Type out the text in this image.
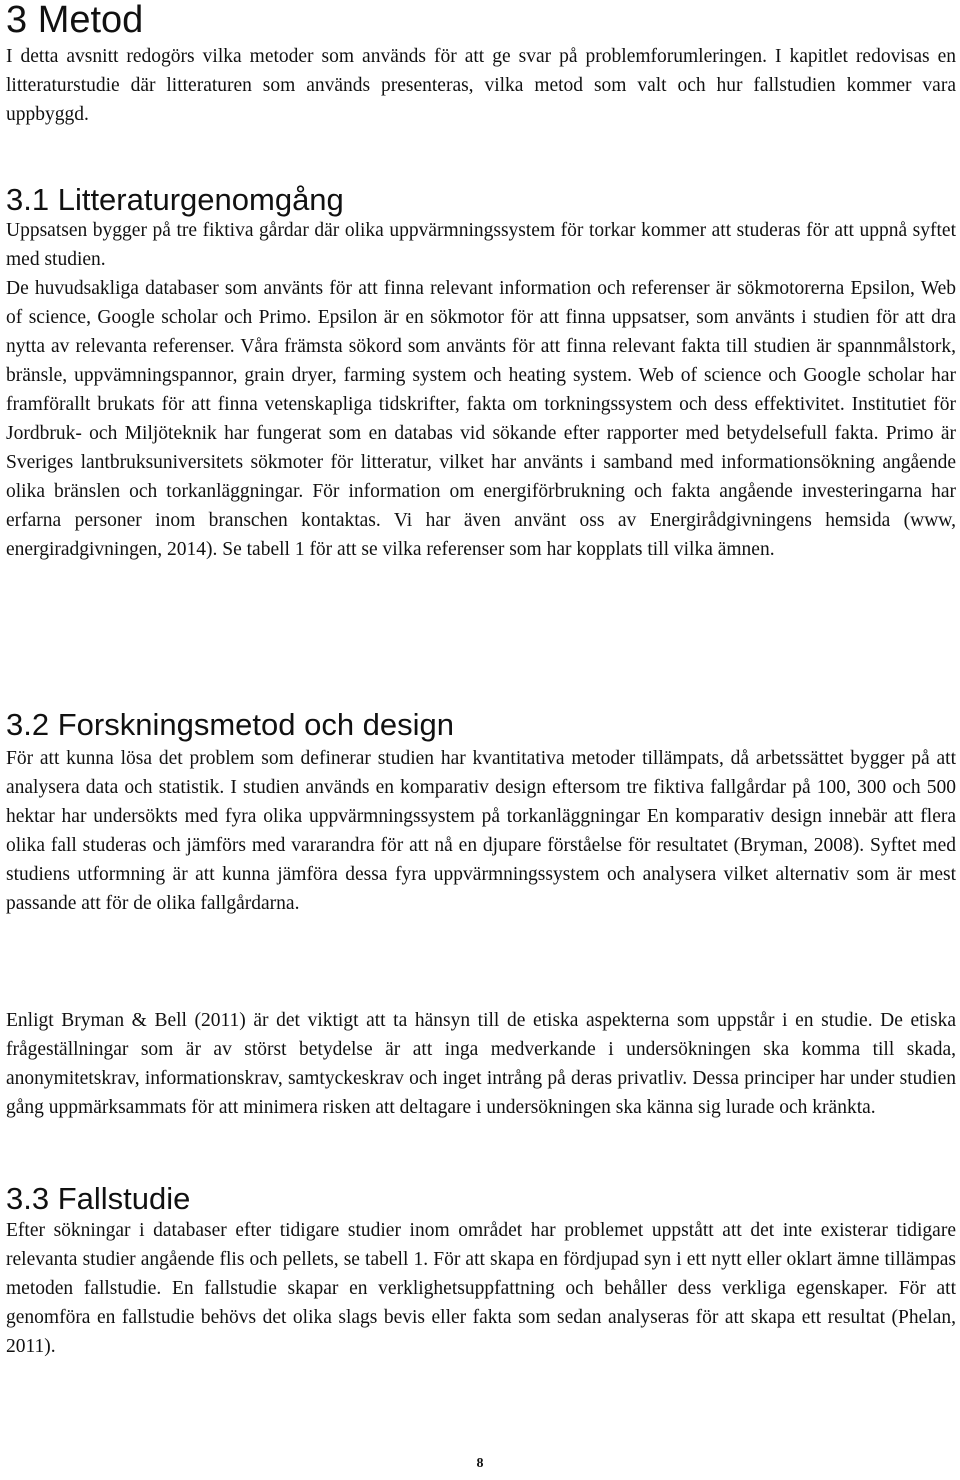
3 Metod

I detta avsnitt redogörs vilka metoder som används för att ge svar på problemforumleringen. I kapitlet redovisas en litteraturstudie där litteraturen som används presenteras, vilka metod som valt och hur fallstudien kommer vara uppbyggd.

3.1 Litteraturgenomgång

Uppsatsen bygger på tre fiktiva gårdar där olika uppvärmningssystem för torkar kommer att studeras för att uppnå syftet med studien.

De huvudsakliga databaser som använts för att finna relevant information och referenser är sökmotorerna Epsilon, Web of science, Google scholar och Primo. Epsilon är en sökmotor för att finna uppsatser, som använts i studien för att dra nytta av relevanta referenser. Våra främsta sökord som använts för att finna relevant fakta till studien är spannmålstork, bränsle, uppvämningspannor, grain dryer, farming system och heating system. Web of science och Google scholar har framförallt brukats för att finna vetenskapliga tidskrifter, fakta om torkningssystem och dess effektivitet. Institutiet för Jordbruk- och Miljöteknik har fungerat som en databas vid sökande efter rapporter med betydelsefull fakta. Primo är Sveriges lantbruksuniversitets sökmoter för litteratur, vilket har använts i samband med informationsökning angående olika bränslen och torkanläggningar. För information om energiförbrukning och fakta angående investeringarna har erfarna personer inom branschen kontaktas. Vi har även använt oss av Energirådgivningens hemsida (www, energiradgivningen, 2014). Se tabell 1 för att se vilka referenser som har kopplats till vilka ämnen.

3.2 Forskningsmetod och design

För att kunna lösa det problem som definerar studien har kvantitativa metoder tillämpats, då arbetssättet bygger på att analysera data och statistik. I studien används en komparativ design eftersom tre fiktiva fallgårdar på 100, 300 och 500 hektar har undersökts med fyra olika uppvärmningssystem på torkanläggningar En komparativ design innebär att flera olika fall studeras och jämförs med vararandra för att nå en djupare förståelse för resultatet (Bryman, 2008). Syftet med studiens utformning är att kunna jämföra dessa fyra uppvärmningssystem och analysera vilket alternativ som är mest passande att för de olika fallgårdarna.

Enligt Bryman & Bell (2011) är det viktigt att ta hänsyn till de etiska aspekterna som uppstår i en studie. De etiska frågeställningar som är av störst betydelse är att inga medverkande i undersökningen ska komma till skada, anonymitetskrav, informationskrav, samtyckeskrav och inget intrång på deras privatliv. Dessa principer har under studien gång uppmärksammats för att minimera risken att deltagare i undersökningen ska känna sig lurade och kränkta.

3.3 Fallstudie

Efter sökningar i databaser efter tidigare studier inom området har problemet uppstått att det inte existerar tidigare relevanta studier angående flis och pellets, se tabell 1. För att skapa en fördjupad syn i ett nytt eller oklart ämne tillämpas metoden fallstudie. En fallstudie skapar en verklighetsuppfattning och behåller dess verkliga egenskaper. För att genomföra en fallstudie behövs det olika slags bevis eller fakta som sedan analyseras för att skapa ett resultat (Phelan, 2011).

8
